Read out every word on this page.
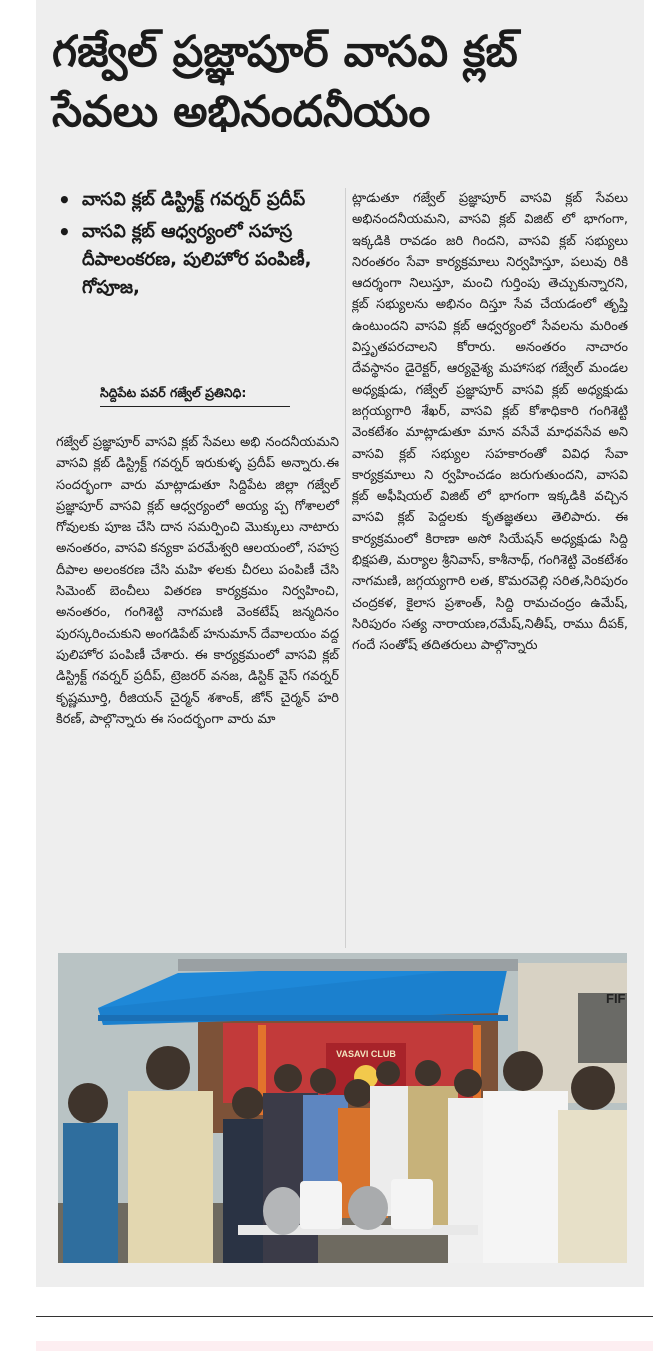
గజ్వేల్ ప్రజ్ఞాపూర్ వాసవి క్లబ్ సేవలు అభినందనీయం
• వాసవి క్లబ్ డిస్ట్రిక్ట్ గవర్నర్ ప్రదీప్
• వాసవి క్లబ్ ఆధ్వర్యంలో సహస్ర దీపాలంకరణ, పులిహోర పంపిణీ, గోపూజ,
సిద్దిపేట పవర్ గజ్వేల్ ప్రతినిధి:

గజ్వేల్ ప్రజ్ఞాపూర్ వాసవి క్లబ్ సేవలు అభి నందనీయమని వాసవి క్లబ్ డిస్ట్రిక్ట్ గవర్నర్ ఇరుకుళ్ళ ప్రదీప్ అన్నారు.ఈ సందర్భంగా వారు మాట్లాడుతూ సిద్దిపేట జిల్లా గజ్వేల్ ప్రజ్ఞాపూర్ వాసవి క్లబ్ ఆధ్వర్యంలో అయ్య ప్ప గోశాలలో గోవులకు పూజ చేసి దాన సమర్పించి మొక్కులు నాటారు అనంతరం, వాసవి కన్యకా పరమేశ్వరి ఆలయంలో, సహస్ర దీపాల అలంకరణ చేసి మహి ళలకు చీరలు పంపిణీ చేసి సిమెంట్ బెంచీలు వితరణ కార్యక్రమం నిర్వహించి, అనంతరం, గంగిశెట్టి నాగమణి వెంకటేష్ జన్మదినం పురస్కరించుకుని అంగడిపేట్ హనుమాన్ దేవాలయం వద్ద పులిహోర పంపిణీ చేశారు. ఈ కార్యక్రమంలో వాసవి క్లబ్ డిస్ట్రిక్ట్ గవర్నర్ ప్రదీప్, ట్రెజరర్ వనజ, డిస్టిక్ వైస్ గవర్నర్ కృష్ణమూర్తి, రీజియన్ చైర్మన్ శశాంక్, జోన్ చైర్మన్ హరి కిరణ్, పాల్గొన్నారు ఈ సందర్భంగా వారు మా

ట్లాడుతూ గజ్వేల్ ప్రజ్ఞాపూర్ వాసవి క్లబ్ సేవలు అభినందనీయమని, వాసవి క్లబ్ విజిట్ లో భాగంగా, ఇక్కడికి రావడం జరి గిందని, వాసవి క్లబ్ సభ్యులు నిరంతరం సేవా కార్యక్రమాలు నిర్వహిస్తూ, పలువు రికి ఆదర్శంగా నిలుస్తూ, మంచి గుర్తింపు తెచ్చుకున్నారని, క్లబ్ సభ్యులను అభినం దిస్తూ సేవ చేయడంలో తృప్తి ఉంటుందని వాసవి క్లబ్ ఆధ్వర్యంలో సేవలను మరింత విస్తృతపరచాలని కోరారు. అనంతరం నాచారం దేవస్థానం డైరెక్టర్, ఆర్యవైశ్య మహాసభ గజ్వేల్ మండల అధ్యక్షుడు, గజ్వేల్ ప్రజ్ఞాపూర్ వాసవి క్లబ్ అధ్యక్షుడు జగ్గయ్యగారి శేఖర్, వాసవి క్లబ్ కోశాధికారి గంగిశెట్టి వెంకటేశం మాట్లాడుతూ మాన వసేవే మాధవసేవ అని వాసవి క్లబ్ సభ్యుల సహకారంతో వివిధ సేవా కార్యక్రమాలు ని ర్వహించడం జరుగుతుందని, వాసవి క్లబ్ అఫీషియల్ విజిట్ లో భాగంగా ఇక్కడికి వచ్చిన వాసవి క్లబ్ పెద్దలకు కృతజ్ఞతలు తెలిపారు. ఈ కార్యక్రమంలో కిరాణా అసో సియేషన్ అధ్యక్షుడు సిద్ది భిక్షపతి, మర్యాల శ్రీనివాస్, కాశీనాథ్, గంగిశెట్టి వెంకటేశం నాగమణి, జగ్గయ్యగారి లత, కొమరవెల్లి సరిత,సిరిపురం చంద్రకళ, కైలాస ప్రశాంత్, సిద్ది రామచంద్రం ఉమేష్, సిరిపురం సత్య నారాయణ,రమేష్,నితీష్, రాము దీపక్, గందే సంతోష్ తదితరులు పాల్గొన్నారు

FIF
VASAVI CLUB
